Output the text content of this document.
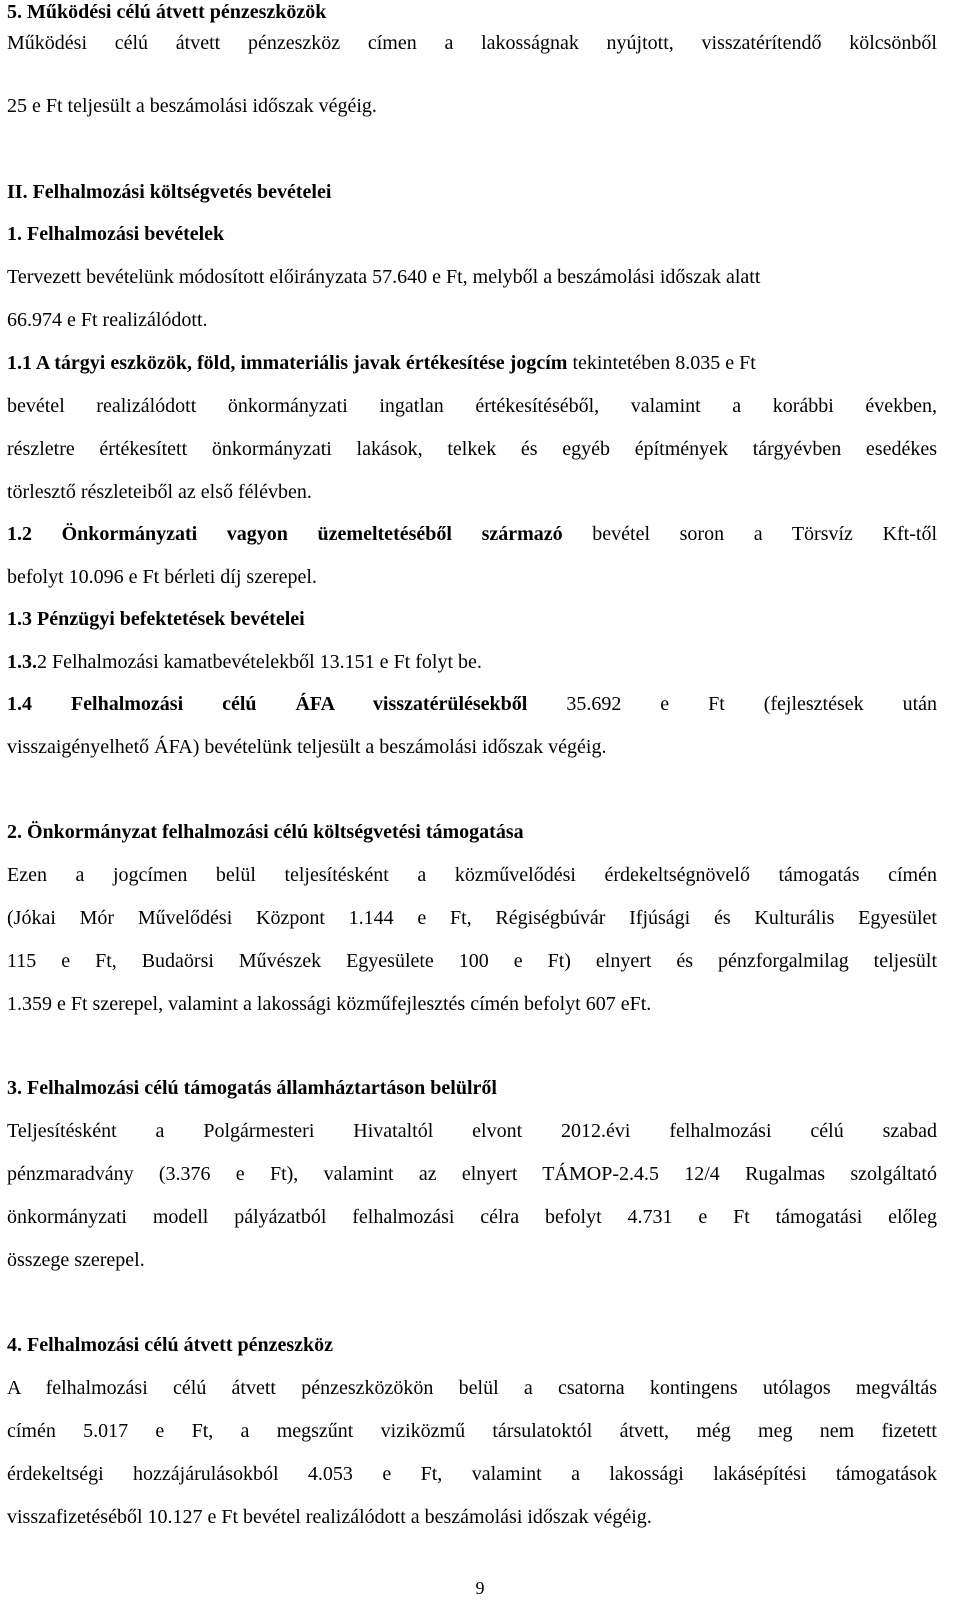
5. Működési célú átvett pénzeszközök
Működési célú átvett pénzeszköz címen a lakosságnak nyújtott, visszatérítendő kölcsönből
25 e Ft teljesült a beszámolási időszak végéig.
II. Felhalmozási költségvetés bevételei
1. Felhalmozási bevételek
Tervezett bevételünk módosított előirányzata 57.640 e Ft, melyből a beszámolási időszak alatt
66.974 e Ft realizálódott.
1.1 A tárgyi eszközök, föld, immateriális javak értékesítése jogcím tekintetében 8.035 e Ft
bevétel realizálódott önkormányzati ingatlan értékesítéséből, valamint a korábbi években,
részletre értékesített önkormányzati lakások, telkek és egyéb építmények tárgyévben esedékes
törlesztő részleteiből az első félévben.
1.2 Önkormányzati vagyon üzemeltetéséből származó bevétel soron a Törsvíz Kft-től
befolyt 10.096 e Ft bérleti díj szerepel.
1.3 Pénzügyi befektetések bevételei
1.3.2 Felhalmozási kamatbevételekből 13.151 e Ft folyt be.
1.4 Felhalmozási célú ÁFA visszatérülésekből 35.692 e Ft (fejlesztések után
visszaigényelhető ÁFA) bevételünk teljesült a beszámolási időszak végéig.
2. Önkormányzat felhalmozási célú költségvetési támogatása
Ezen a jogcímen belül teljesítésként a közművelődési érdekeltségnövelő támogatás címén
(Jókai Mór Művelődési Központ 1.144 e Ft, Régiségbúvár Ifjúsági és Kulturális Egyesület
115 e Ft, Budaörsi Művészek Egyesülete 100 e Ft) elnyert és pénzforgalmilag teljesült
1.359 e Ft szerepel, valamint a lakossági közműfejlesztés címén befolyt 607 eFt.
3. Felhalmozási célú támogatás államháztartáson belülről
Teljesítésként a Polgármesteri Hivataltól elvont 2012.évi felhalmozási célú szabad
pénzmaradvány (3.376 e Ft), valamint az elnyert TÁMOP-2.4.5 12/4 Rugalmas szolgáltató
önkormányzati modell pályázatból felhalmozási célra befolyt 4.731 e Ft támogatási előleg
összege szerepel.
4. Felhalmozási célú átvett pénzeszköz
A felhalmozási célú átvett pénzeszközökön belül a csatorna kontingens utólagos megváltás
címén 5.017 e Ft, a megszűnt viziközmű társulatoktól átvett, még meg nem fizetett
érdekeltségi hozzájárulásokból 4.053 e Ft, valamint a lakossági lakásépítési támogatások
visszafizetéséből 10.127 e Ft bevétel realizálódott a beszámolási időszak végéig.
9
